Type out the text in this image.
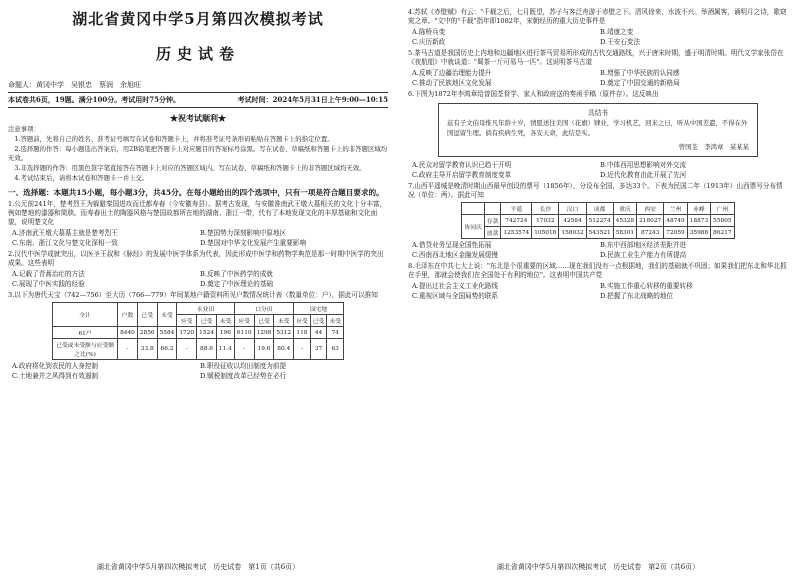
湖北省黄冈中学5月第四次模拟考试
历史试卷
命题人：黄冈中学　吴银忠　蔡润　余旭旺
本试卷共6页，19题。满分100分。考试用时75分钟。	考试时间：2024年5月31日上午9:00—10:15
★祝考试顺利★
注意事项：
1.答题前，先将自己的姓名、准考证号填写在试卷和答题卡上，并将准考证号条形码粘贴在答题卡上的指定位置。
2.选择题的作答：每小题选出答案后，用2B铅笔把答题卡上对应题目的答案标号涂黑。写在试卷、草稿纸和答题卡上的非答题区域均无效。
3.非选择题的作答：用黑色签字笔直接答在答题卡上对应的答题区域内。写在试卷、草稿纸和答题卡上的非答题区域均无效。
4.考试结束后，请将本试卷和答题卡一并上交。
一、选择题：本题共15小题，每小题3分，共45分。在每小题给出的四个选项中，只有一项是符合题目要求的。
1.公元前241年，楚考烈王为躲避秦国进攻而迁都寿春（今安徽寿县）。据考古发现，与安徽淮南武王墩大墓相关的文化十分丰富，例如楚地的漆器和简牍。而寿春出土的陶器风格与楚国故都所在地的湖南、浙江一带，代有了本地发现文化的丰厚基础和文化面貌，说明楚文化
A.济南武王墩大墓墓主就是楚考烈王	B.楚国势力深刻影响中原地区
C.东南、浙江文化与楚文化深相一致	D.楚国对中华文化发展产生重要影响
2.汉代中医学成就突出，以医圣王叔和《脉经》的发展中医学体系为代表，因此形成中医学和药物学典范是那一时期中医学的突出成果。这些表明
A.记载了青蒿治疟的方法	B.反映了中医药学的成就
C.展现了中医实践的经验	D.奠定了中医理论的基础
3.以下为唐代天宝（742—756）至大历（766—779）年间某地户籍资料所见户数情况统计表（数量单位：户），据此可以推知
全计	户数	已受	未受	永业田			口分田			园宅地		
				应受	已受	未受	应受	已受	未受	应受	已受	未受
61户	8440	2856	5584	1720	1524	196	6110	1298	5312	118	44	74
已受或未受额与应受额之比(%)	-	33.8	66.2	-	88.6	11.4	-	19.6	80.4	-	37	63
A.政府将化到农民的人身控制	B.职役征收以均田制度为前提
C.土地兼并之风得到有效遏制	D.赋税制度改革已经势在必行
湖北省黄冈中学5月第四次模拟考试　历史试卷　第1页（共6页）
4.苏轼《赤壁赋》有云："千载之后，七月既望，苏子与客泛舟游于赤壁之下。清风徐来，水波不兴。举酒属客，诵明月之诗，歌窈窕之章。"文中的"千载"指年即1082年，宋朝经历的重大历史事件是
A.陈桥兵变	B.靖康之变
C.庆历新政	D.王安石变法
5.茶马古道是我国历史上内地和边疆地区进行茶马贸易所形成的古代交通路线，兴于唐宋时期，盛于明清时期。明代文学家张岱在《夜航船》中就谈道："蜀茶一斤可易马一匹"。这说明茶马古道
A.反映了边疆治理能力提升	B.增强了中华民族的认同感
C.推动了民族地区文化发展	D.奠定了中国交通的新格局
6.下图为1872年李鸿章给曾国荃督学、家人和政府送的奏函手稿（原件存）。这反映出
具结书
兹有子文伯母惟凡年龄十岁，情愿送往美国（花旗）肄业，学习机艺，回来之日，听从中国差遣，不得在外国逗留生理。倘有疾病生死，各安天命，此结是实。
曾国荃　李鸿章　某某某
A.民众对留学教育认识已趋于开明	B.中体西用思想影响对外交流
C.政府主导开启留学教育制度变革	D.近代化教育由此开展了先河
7.山西平遥城是晚清时期山西最早创设的票号（1856年），分设布全国，多达33个。下表为民国二年（1913年）山西票号分布情况（单位：两）。据此可知
		平遥	长沙	汉口	成都	重庆	西安	兰州	赤峰	广州
协同庆	存款	742724	17032	42584	512274	45328	218027	48749	18873	55805
	放款	1253574	105018	158032	543521	58301	87243	72059	35988	86217
A.借贷业务呈现全国性拓展	B.东中西部地区经济差距并进
C.西南西北地区金融发展缓慢	D.民族工业生产能力有所提高
8.毛泽东在中共七大上说："东北是个很重要的区域……现在我们没有一点根据地，我们的基础就不巩固；如果我们把东北和华北抓在手里，那就会使我们在全国处于有利的地位"。这表明中国共产党
A.提出过社会主义工业化路线	B.实施工作重心转移的重要转移
C.重视区域与全国局势的联系	D.把握了东北战略的地位
湖北省黄冈中学5月第四次模拟考试　历史试卷　第2页（共6页）
